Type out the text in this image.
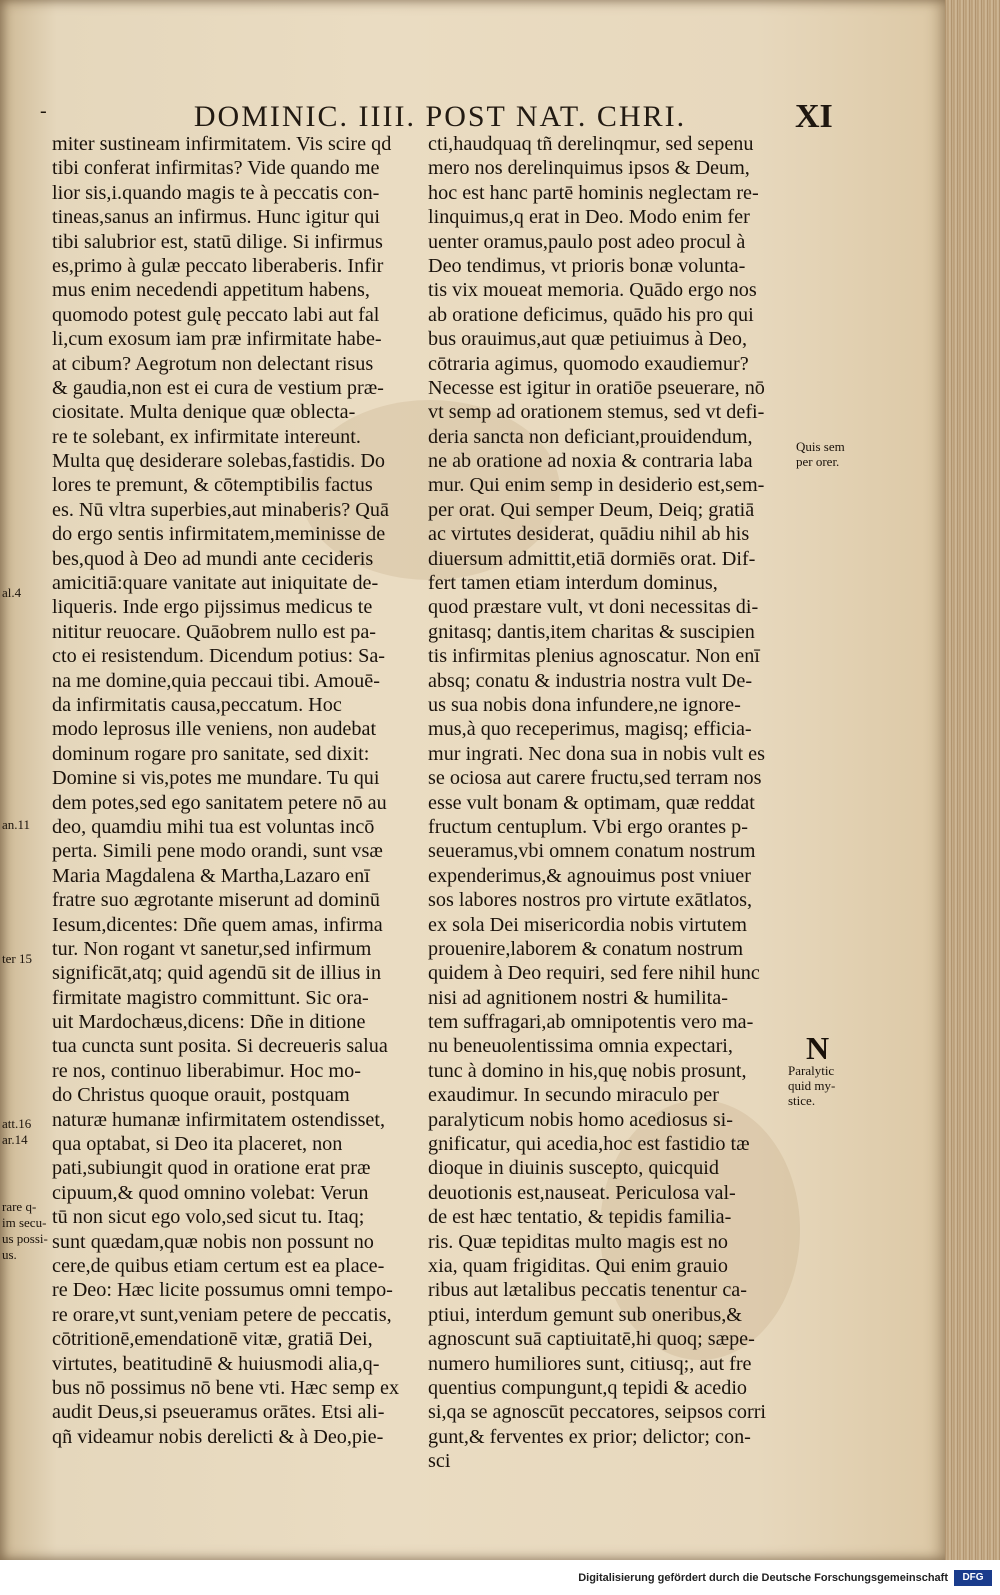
-	DOMINIC. IIII. POST NAT. CHRI.	XI
miter sustineam infirmitatem. Vis scire qd
tibi conferat infirmitas? Vide quando me
lior sis,i.quando magis te à peccatis con-
tineas,sanus an infirmus. Hunc igitur qui
tibi salubrior est, statū dilige. Si infirmus
es,primo à gulæ peccato liberaberis. Infir
mus enim necedendi appetitum habens,
quomodo potest gulę peccato labi aut fal
li,cum exosum iam præ infirmitate habe-
at cibum? Aegrotum non delectant risus
& gaudia,non est ei cura de vestium præ-
ciositate. Multa denique quæ oblecta-
re te solebant, ex infirmitate intereunt.
Multa quę desiderare solebas,fastidis. Do
lores te premunt, & cōtemptibilis factus
es. Nū vltra superbies,aut minaberis? Quā
do ergo sentis infirmitatem,meminisse de
bes,quod à Deo ad mundi ante cecideris
amicitiā:quare vanitate aut iniquitate de-
liqueris. Inde ergo pijssimus medicus te
nititur reuocare. Quāobrem nullo est pa-
cto ei resistendum. Dicendum potius: Sa-
na me domine,quia peccaui tibi. Amouē-
da infirmitatis causa,peccatum. Hoc
modo leprosus ille veniens, non audebat
dominum rogare pro sanitate, sed dixit:
Domine si vis,potes me mundare. Tu qui
dem potes,sed ego sanitatem petere nō au
deo, quamdiu mihi tua est voluntas incō
perta. Simili pene modo orandi, sunt vsæ
Maria Magdalena & Martha,Lazaro enī
fratre suo ægrotante miserunt ad dominū
Iesum,dicentes: Dñe quem amas, infirma
tur. Non rogant vt sanetur,sed infirmum
significāt,atq; quid agendū sit de illius in
firmitate magistro committunt. Sic ora-
uit Mardochæus,dicens: Dñe in ditione
tua cuncta sunt posita. Si decreueris salua
re nos, continuo liberabimur. Hoc mo-
do Christus quoque orauit, postquam
naturæ humanæ infirmitatem ostendisset,
qua optabat, si Deo ita placeret, non
pati,subiungit quod in oratione erat præ
cipuum,& quod omnino volebat: Verun
tū non sicut ego volo,sed sicut tu. Itaq;
sunt quædam,quæ nobis non possunt no
cere,de quibus etiam certum est ea place-
re Deo: Hæc licite possumus omni tempo-
re orare,vt sunt,veniam petere de peccatis,
cōtritionē,emendationē vitæ, gratiā Dei,
virtutes, beatitudinē & huiusmodi alia,q-
bus nō possimus nō bene vti. Hæc semp ex
audit Deus,si pseueramus orātes. Etsi ali-
qñ videamur nobis derelicti & à Deo,pie-
cti,haudquaq tñ derelinqmur, sed sepenu
mero nos derelinquimus ipsos & Deum,
hoc est hanc partē hominis neglectam re-
linquimus,q erat in Deo. Modo enim fer
uenter oramus,paulo post adeo procul à
Deo tendimus, vt prioris bonæ volunta-
tis vix moueat memoria. Quādo ergo nos
ab oratione deficimus, quādo his pro qui
bus orauimus,aut quæ petiuimus à Deo,
cōtraria agimus, quomodo exaudiemur?
Necesse est igitur in oratiōe pseuerare, nō
vt semp ad orationem stemus, sed vt defi-
deria sancta non deficiant,prouidendum,
ne ab oratione ad noxia & contraria laba
mur. Qui enim semp in desiderio est,sem-
per orat. Qui semper Deum, Deiq; gratiā
ac virtutes desiderat, quādiu nihil ab his
diuersum admittit,etiā dormiēs orat. Dif-
fert tamen etiam interdum dominus,
quod præstare vult, vt doni necessitas di-
gnitasq; dantis,item charitas & suscipien
tis infirmitas plenius agnoscatur. Non enī
absq; conatu & industria nostra vult De-
us sua nobis dona infundere,ne ignore-
mus,à quo receperimus, magisq; efficia-
mur ingrati. Nec dona sua in nobis vult es
se ociosa aut carere fructu,sed terram nos
esse vult bonam & optimam, quæ reddat
fructum centuplum. Vbi ergo orantes p-
seueramus,vbi omnem conatum nostrum
expenderimus,& agnouimus post vniuer
sos labores nostros pro virtute exātlatos,
ex sola Dei misericordia nobis virtutem
prouenire,laborem & conatum nostrum
quidem à Deo requiri, sed fere nihil hunc
nisi ad agnitionem nostri & humilita-
tem suffragari,ab omnipotentis vero ma-
nu beneuolentissima omnia expectari,
tunc à domino in his,quę nobis prosunt,
exaudimur. In secundo miraculo per
paralyticum nobis homo acediosus si-
gnificatur, qui acedia,hoc est fastidio tæ
dioque in diuinis suscepto, quicquid
deuotionis est,nauseat. Periculosa val-
de est hæc tentatio, & tepidis familia-
ris. Quæ tepiditas multo magis est no
xia, quam frigiditas. Qui enim grauio
ribus aut lætalibus peccatis tenentur ca-
ptiui, interdum gemunt sub oneribus,&
agnoscunt suā captiuitatē,hi quoq; sæpe-
numero humiliores sunt, citiusq;, aut fre
quentius compungunt,q tepidi & acedio
si,qa se agnoscūt peccatores, seipsos corri
gunt,& ferventes ex prior; delictor; con-
sci
al.4
an.11
ter 15
att.16
ar.14
rare q-
im secu-
us possi-
us.
Quis sem
per orer.
N
Paralytic
quid my-
stice.
Digitalisierung gefördert durch die Deutsche Forschungsgemeinschaft	DFG
